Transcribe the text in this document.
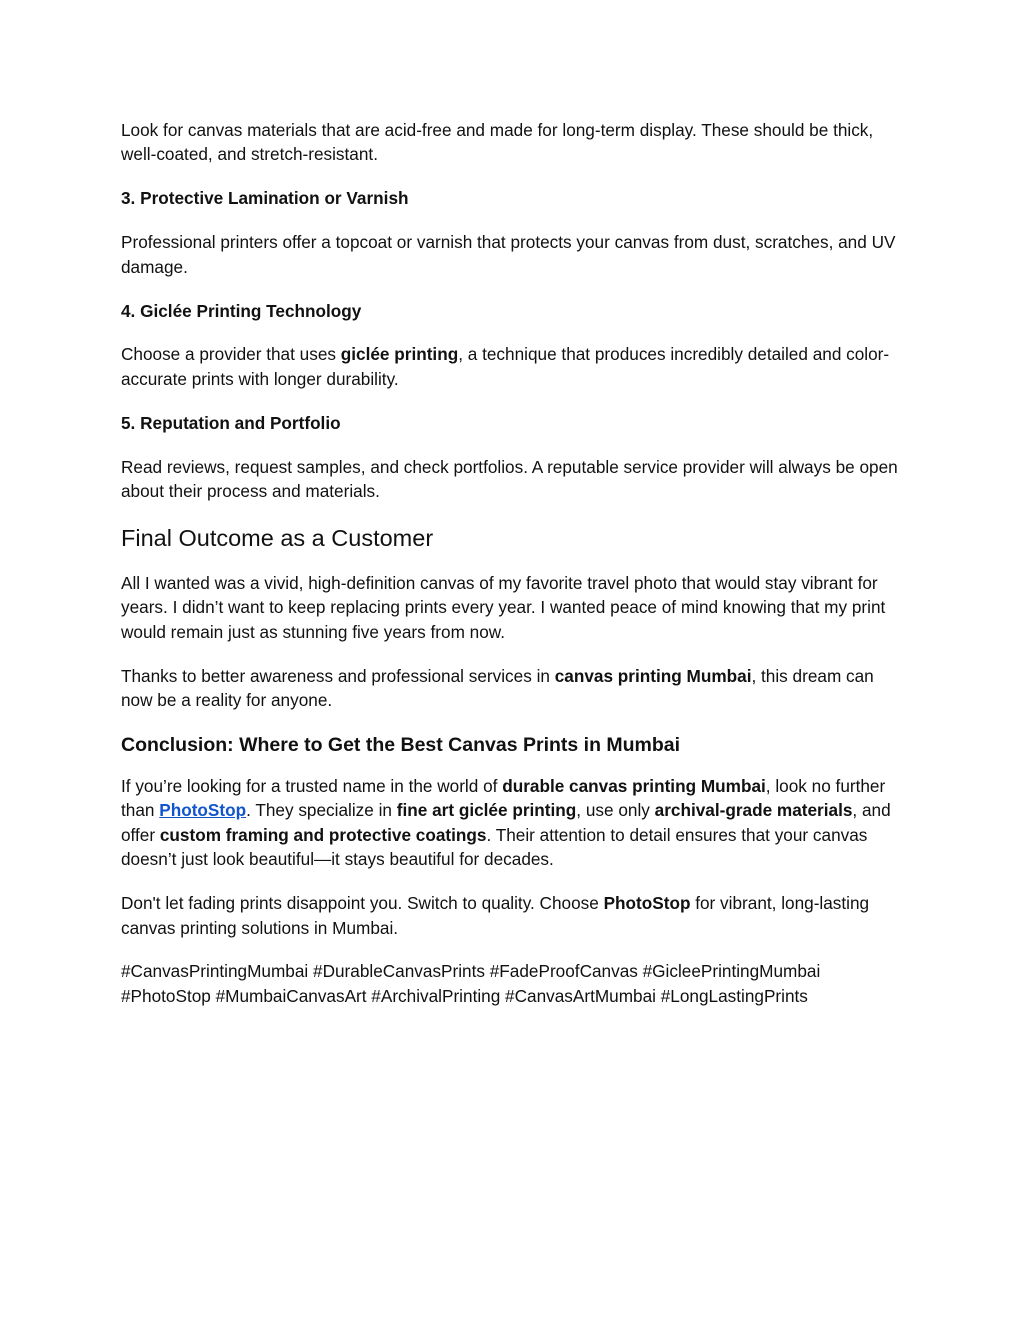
Look for canvas materials that are acid-free and made for long-term display. These should be thick, well-coated, and stretch-resistant.

3. Protective Lamination or Varnish

Professional printers offer a topcoat or varnish that protects your canvas from dust, scratches, and UV damage.

4. Giclée Printing Technology

Choose a provider that uses giclée printing, a technique that produces incredibly detailed and color-accurate prints with longer durability.

5. Reputation and Portfolio

Read reviews, request samples, and check portfolios. A reputable service provider will always be open about their process and materials.

Final Outcome as a Customer

All I wanted was a vivid, high-definition canvas of my favorite travel photo that would stay vibrant for years. I didn’t want to keep replacing prints every year. I wanted peace of mind knowing that my print would remain just as stunning five years from now.

Thanks to better awareness and professional services in canvas printing Mumbai, this dream can now be a reality for anyone.

Conclusion: Where to Get the Best Canvas Prints in Mumbai

If you’re looking for a trusted name in the world of durable canvas printing Mumbai, look no further than PhotoStop. They specialize in fine art giclée printing, use only archival-grade materials, and offer custom framing and protective coatings. Their attention to detail ensures that your canvas doesn’t just look beautiful—it stays beautiful for decades.

Don't let fading prints disappoint you. Switch to quality. Choose PhotoStop for vibrant, long-lasting canvas printing solutions in Mumbai.

#CanvasPrintingMumbai #DurableCanvasPrints #FadeProofCanvas #GicleePrintingMumbai
#PhotoStop #MumbaiCanvasArt #ArchivalPrinting #CanvasArtMumbai #LongLastingPrints
